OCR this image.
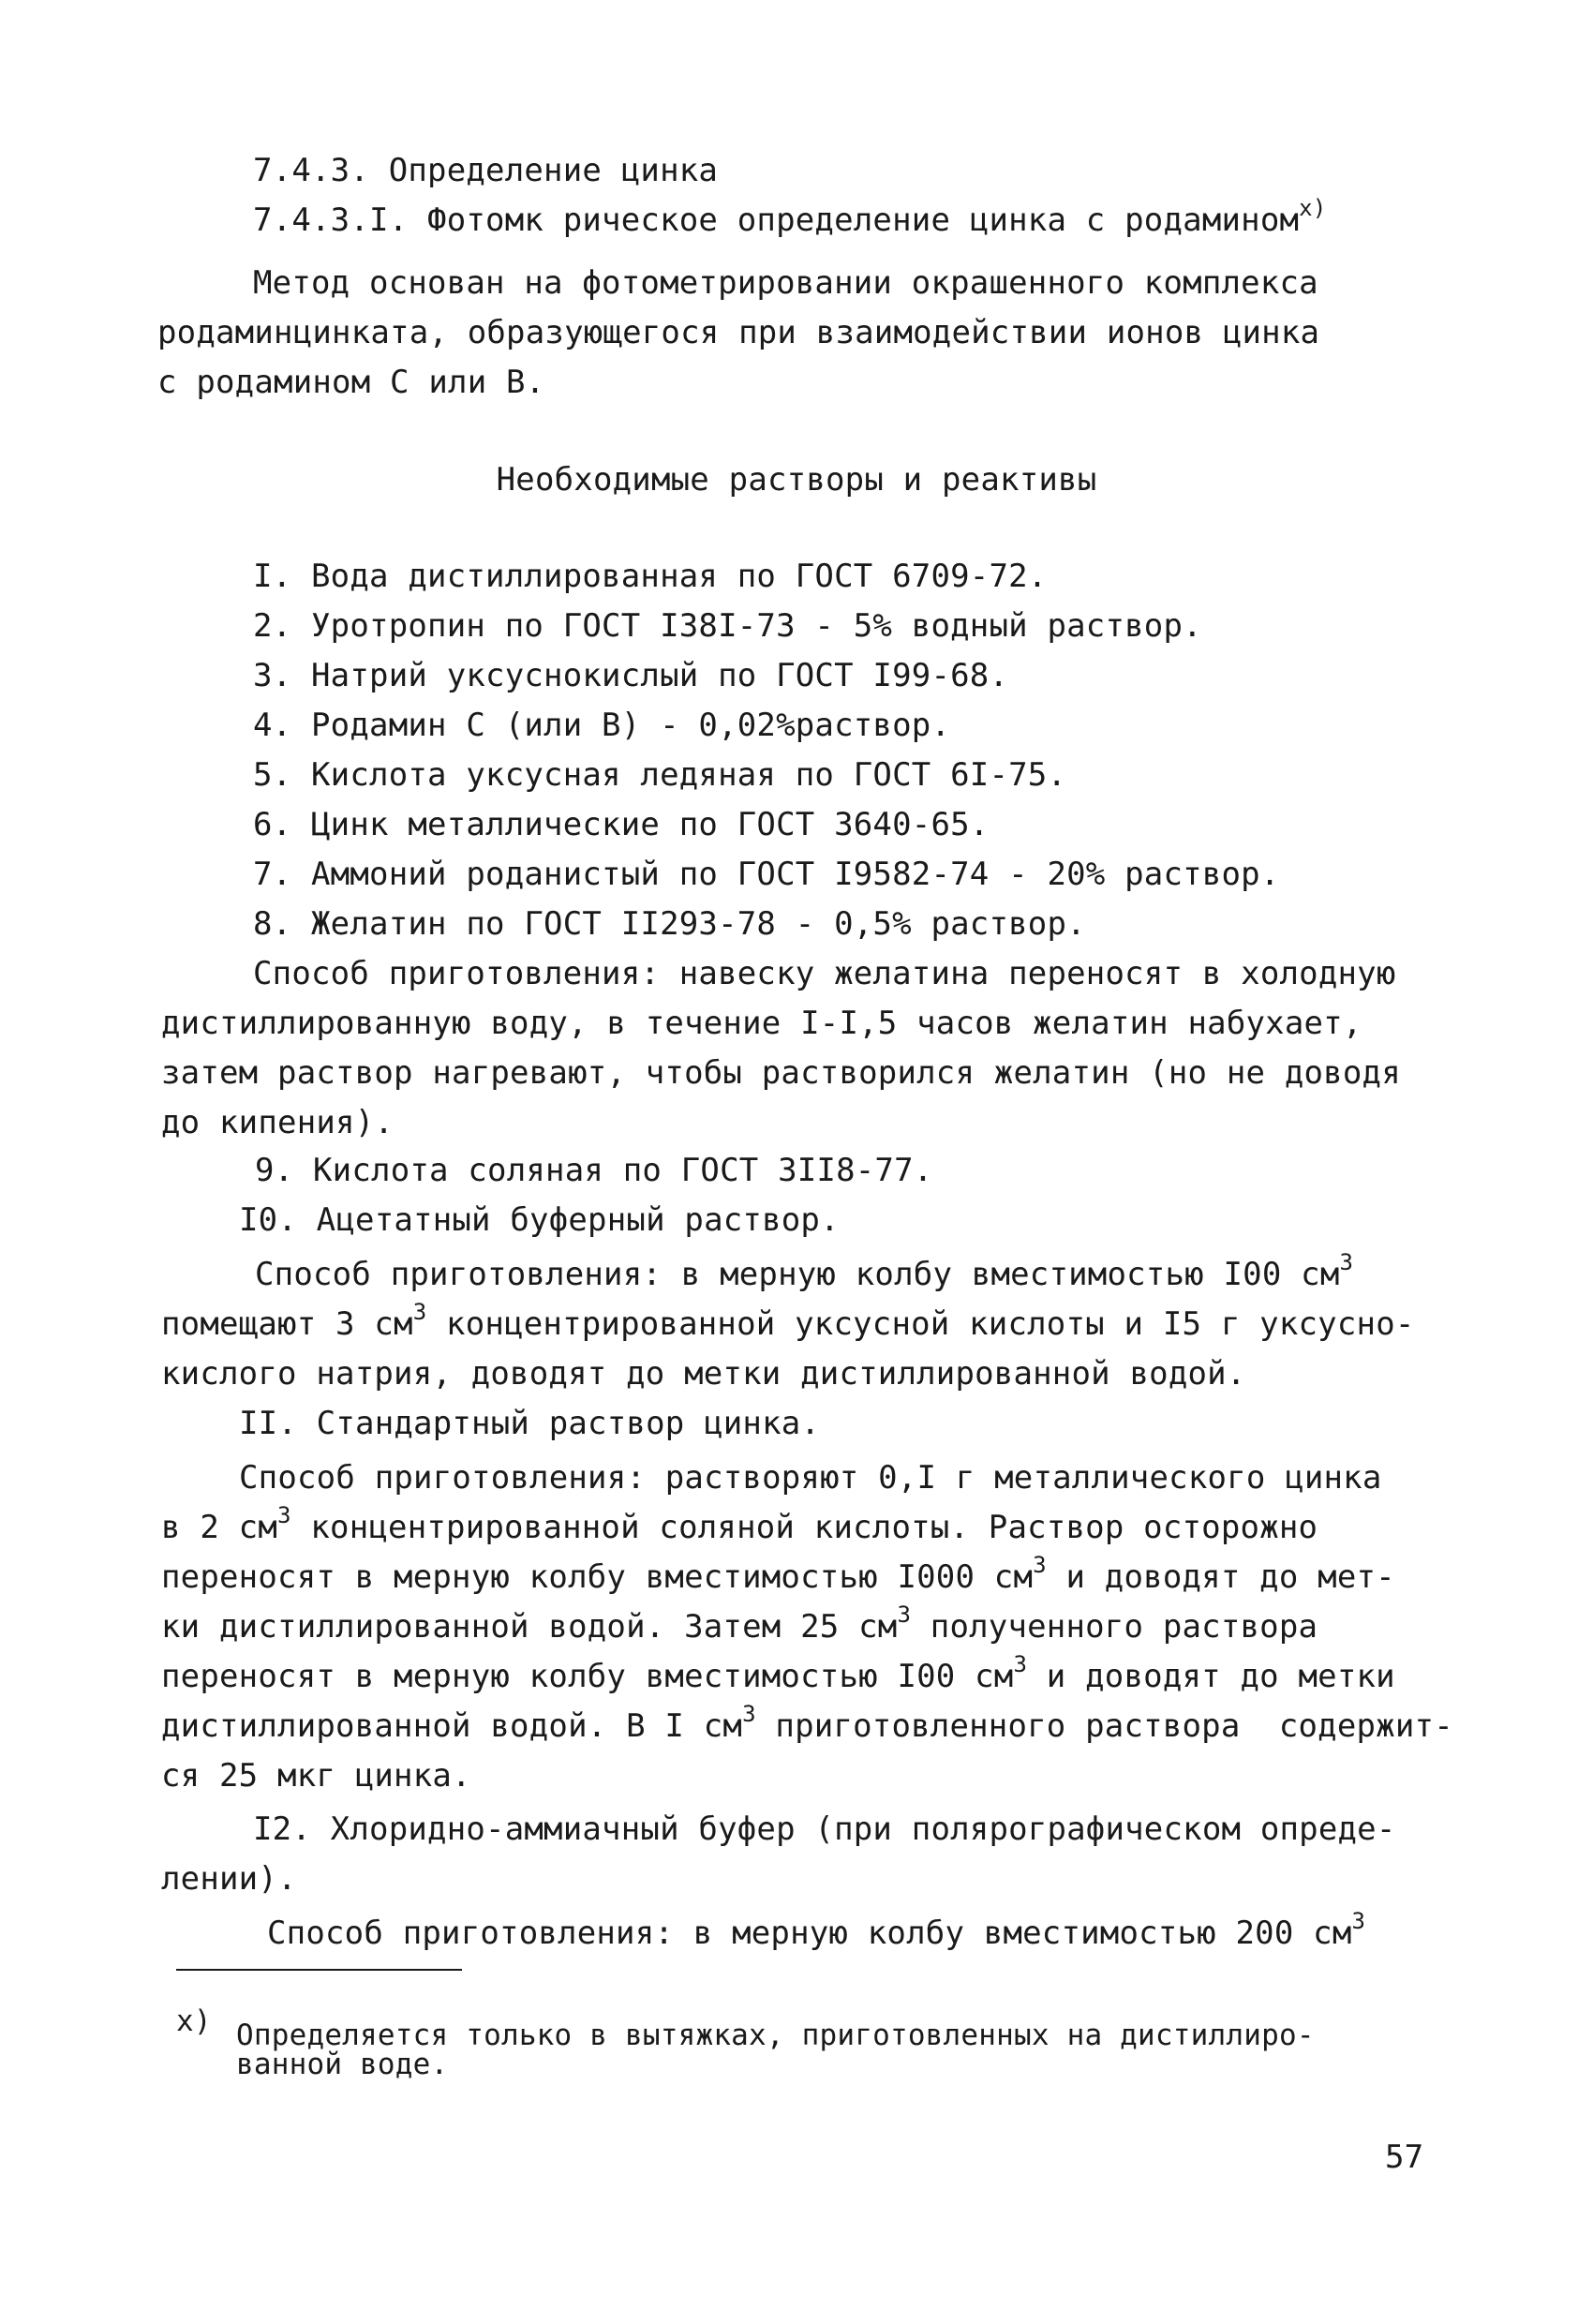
7.4.3. Определение цинка
7.4.3.I. Фотомк рическое определение цинка с родамином$^{х)}$
Метод основан на фотометрировании окрашенного комплекса
родаминцинката, образующегося при взаимодействии ионов цинка
с родамином С или В.
Необходимые растворы и реактивы
I. Вода дистиллированная по ГОСТ 6709-72.
2. Уротропин по ГОСТ I38I-73 - 5% водный раствор.
3. Натрий уксуснокислый по ГОСТ I99-68.
4. Родамин С (или В) - 0,02%раствор.
5. Кислота уксусная ледяная по ГОСТ 6I-75.
6. Цинк металлические по ГОСТ 3640-65.
7. Аммоний роданистый по ГОСТ I9582-74 - 20% раствор.
8. Желатин по ГОСТ II293-78 - 0,5% раствор.
Способ приготовления: навеску желатина переносят в холодную
дистиллированную воду, в течение I-I,5 часов желатин набухает,
затем раствор нагревают, чтобы растворился желатин (но не доводя
до кипения).
9. Кислота соляная по ГОСТ 3II8-77.
I0. Ацетатный буферный раствор.
Способ приготовления: в мерную колбу вместимостью I00 $см^3$
помещают 3 $см^3$ концентрированной уксусной кислоты и I5 г уксусно-
кислого натрия, доводят до метки дистиллированной водой.
II. Стандартный раствор цинка.
Способ приготовления: растворяют 0,I г металлического цинка
в 2 $см^3$ концентрированной соляной кислоты. Раствор осторожно
переносят в мерную колбу вместимостью I000 $см^3$ и доводят до мет-
ки дистиллированной водой. Затем 25 $см^3$ полученного раствора
переносят в мерную колбу вместимостью I00 $см^3$ и доводят до метки
дистиллированной водой. В I $см^3$ приготовленного раствора  содержит-
ся 25 мкг цинка.
I2. Хлоридно-аммиачный буфер (при полярографическом опреде-
лении).
Способ приготовления: в мерную колбу вместимостью 200 $см^3$
х) Определяется только в вытяжках, приготовленных на дистиллиро-
ванной воде.
57
